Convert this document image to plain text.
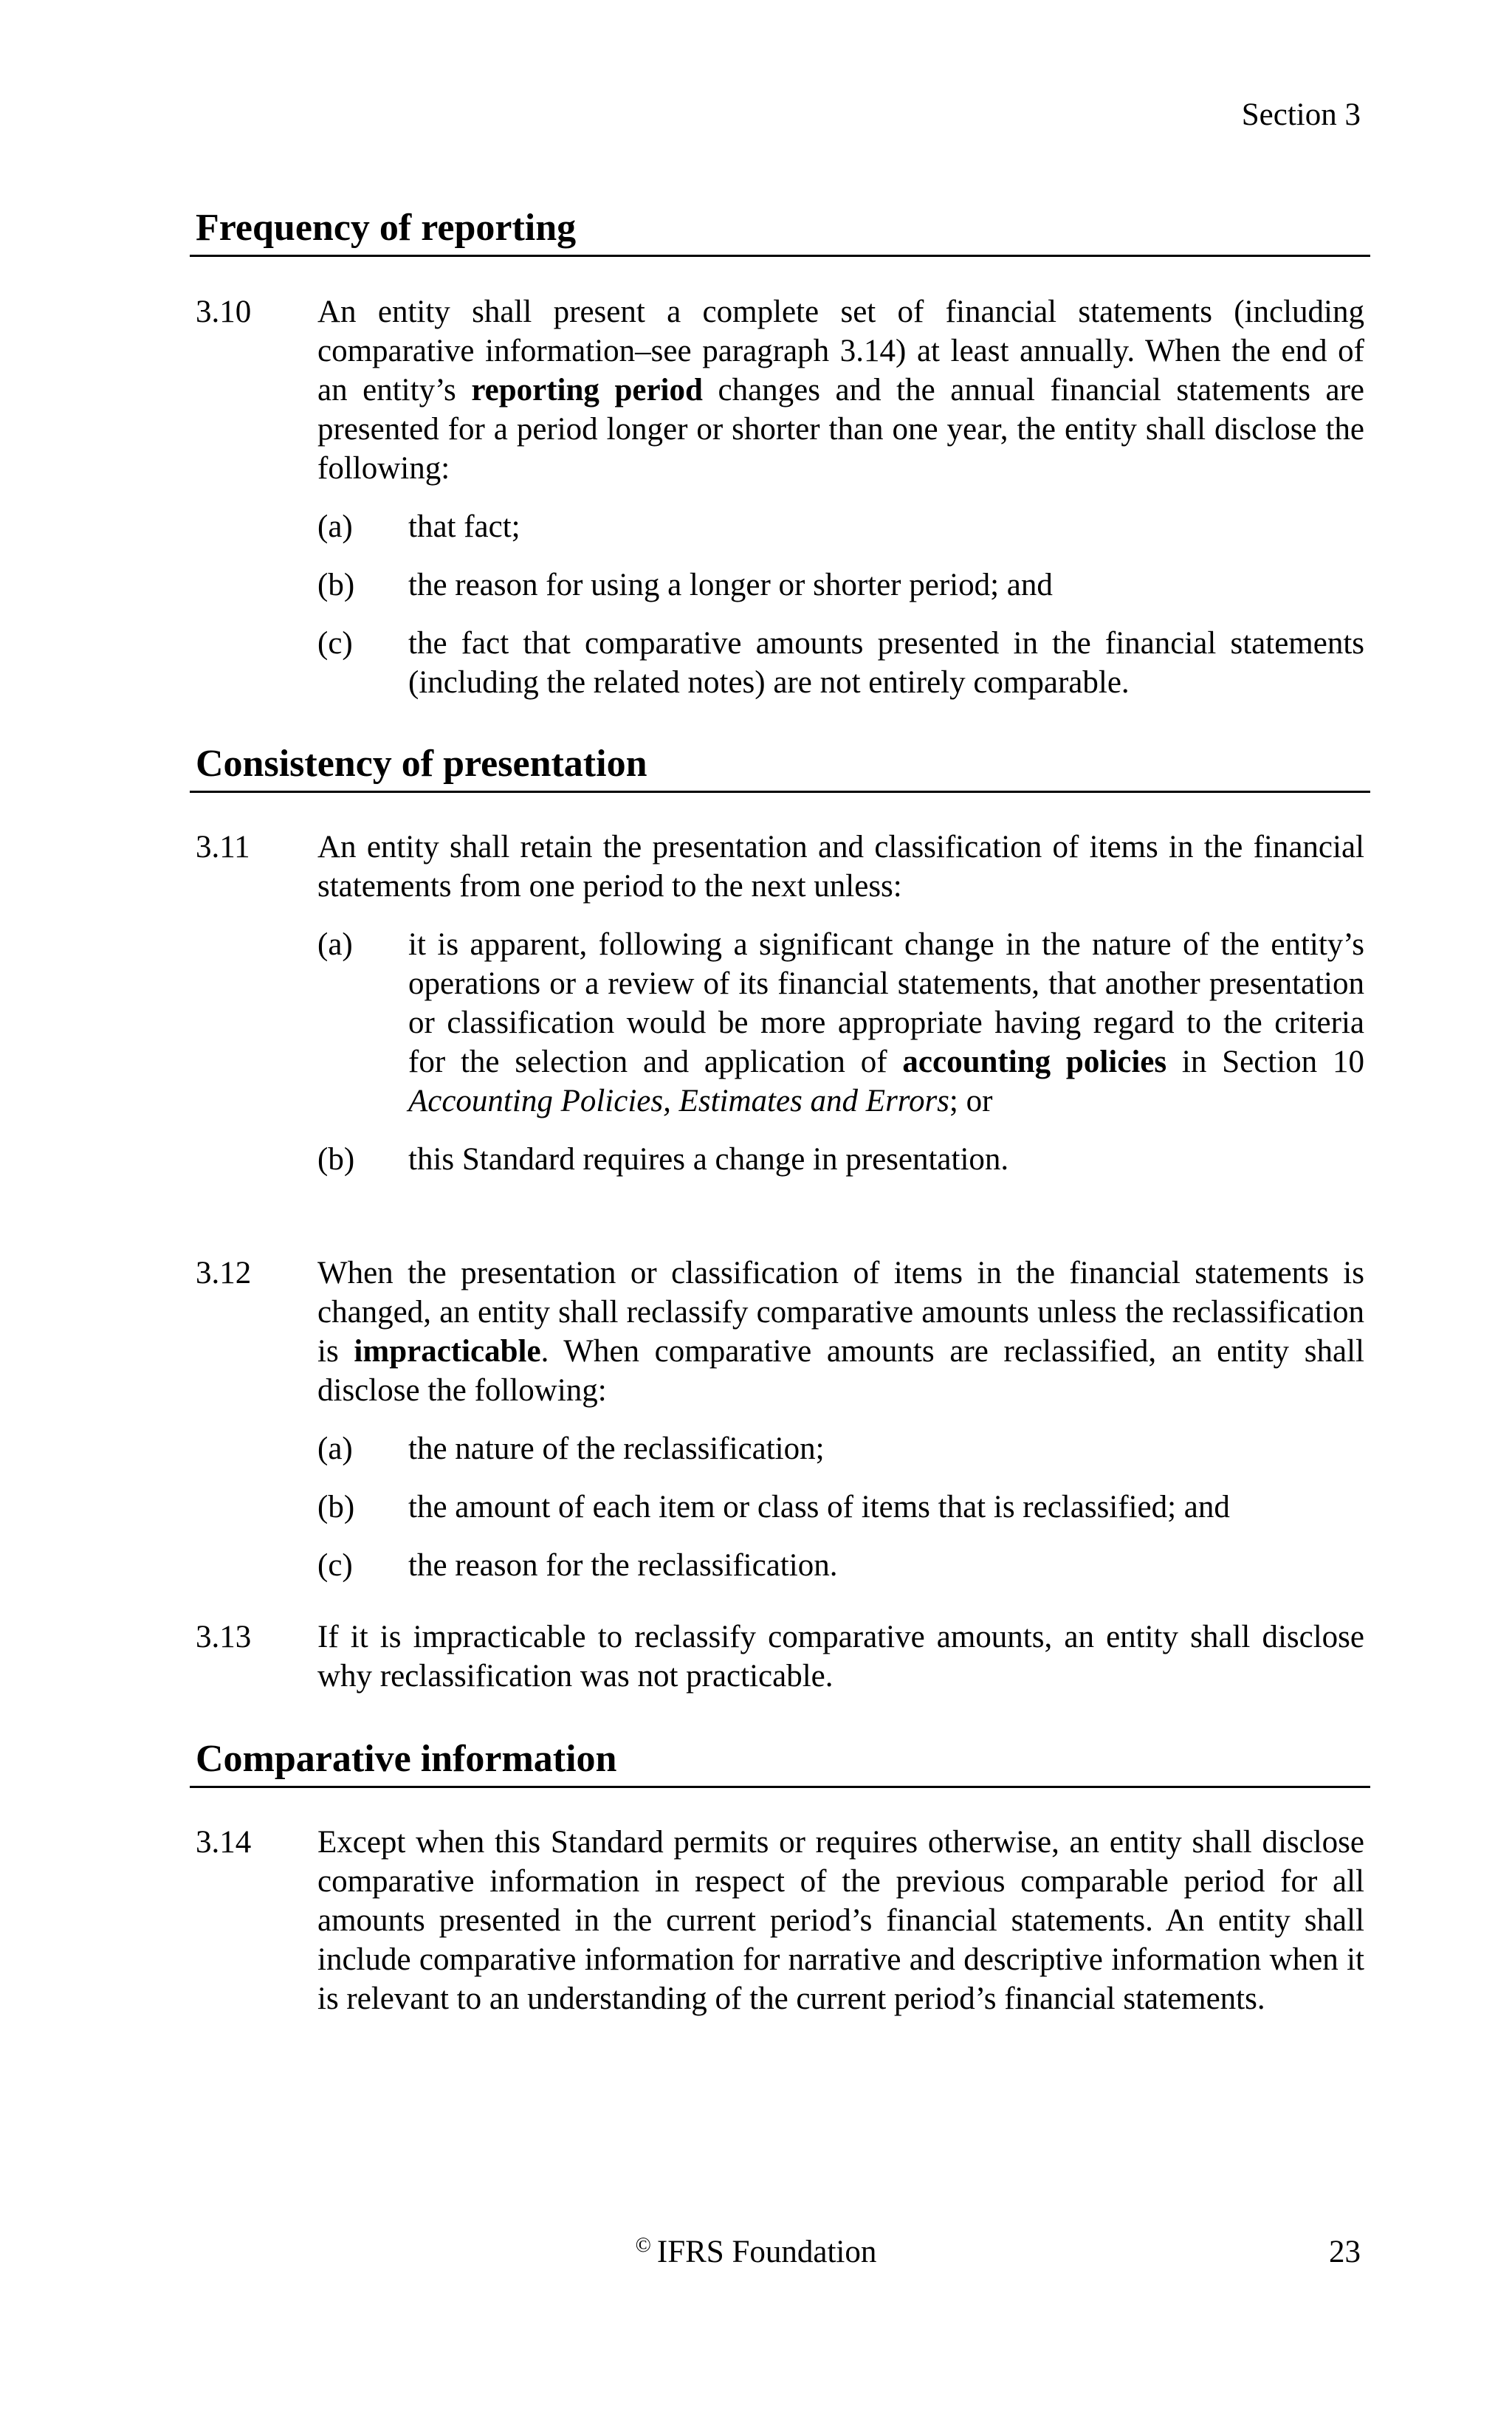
Section 3
Frequency of reporting
3.10 An entity shall present a complete set of financial statements (including comparative information–see paragraph 3.14) at least annually. When the end of an entity’s reporting period changes and the annual financial statements are presented for a period longer or shorter than one year, the entity shall disclose the following:

(a) that fact;
(b) the reason for using a longer or shorter period; and
(c) the fact that comparative amounts presented in the financial statements (including the related notes) are not entirely comparable.
Consistency of presentation
3.11 An entity shall retain the presentation and classification of items in the financial statements from one period to the next unless:

(a) it is apparent, following a significant change in the nature of the entity’s operations or a review of its financial statements, that another presentation or classification would be more appropriate having regard to the criteria for the selection and application of accounting policies in Section 10 Accounting Policies, Estimates and Errors; or
(b) this Standard requires a change in presentation.
3.12 When the presentation or classification of items in the financial statements is changed, an entity shall reclassify comparative amounts unless the reclassification is impracticable. When comparative amounts are reclassified, an entity shall disclose the following:

(a) the nature of the reclassification;
(b) the amount of each item or class of items that is reclassified; and
(c) the reason for the reclassification.
3.13 If it is impracticable to reclassify comparative amounts, an entity shall disclose why reclassification was not practicable.

Comparative information
3.14 Except when this Standard permits or requires otherwise, an entity shall disclose comparative information in respect of the previous comparable period for all amounts presented in the current period’s financial statements. An entity shall include comparative information for narrative and descriptive information when it is relevant to an understanding of the current period’s financial statements.

© IFRS Foundation	23
